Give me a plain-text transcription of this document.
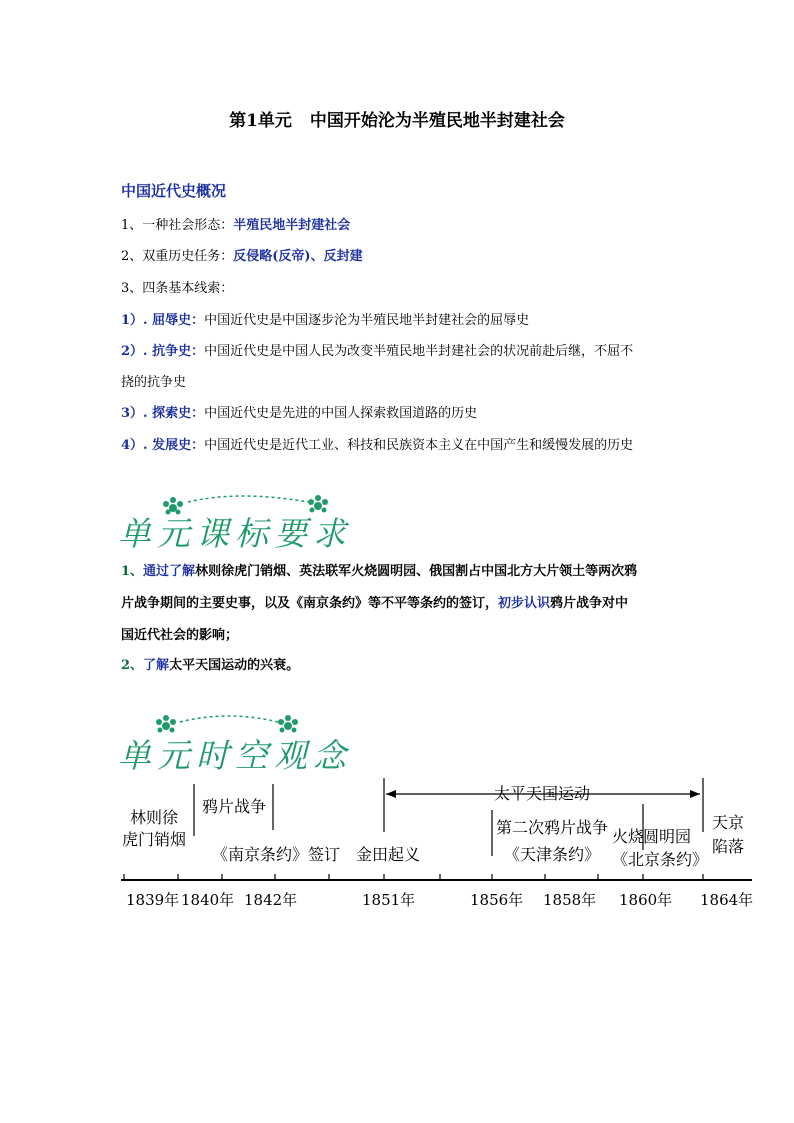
第1单元 中国开始沦为半殖民地半封建社会
中国近代史概况
1、一种社会形态：半殖民地半封建社会
2、双重历史任务：反侵略(反帝)、反封建
3、四条基本线索：
1）. 屈辱史：中国近代史是中国逐步沦为半殖民地半封建社会的屈辱史
2）. 抗争史：中国近代史是中国人民为改变半殖民地半封建社会的状况前赴后继，不屈不
挠的抗争史
3）. 探索史：中国近代史是先进的中国人探索救国道路的历史
4）. 发展史：中国近代史是近代工业、科技和民族资本主义在中国产生和缓慢发展的历史
单元课标要求
1、通过了解林则徐虎门销烟、英法联军火烧圆明园、俄国割占中国北方大片领土等两次鸦
片战争期间的主要史事，以及《南京条约》等不平等条约的签订，初步认识鸦片战争对中
国近代社会的影响；
2、了解太平天国运动的兴衰。
单元时空观念
林则徐
虎门销烟
鸦片战争
《南京条约》签订 金田起义
太平天国运动
第二次鸦片战争
《天津条约》
火烧
圆明园
《北京条约》
天京
陷落
1839年 1840年 1842年	1851年	1856年 1858年 1860年 1864年
